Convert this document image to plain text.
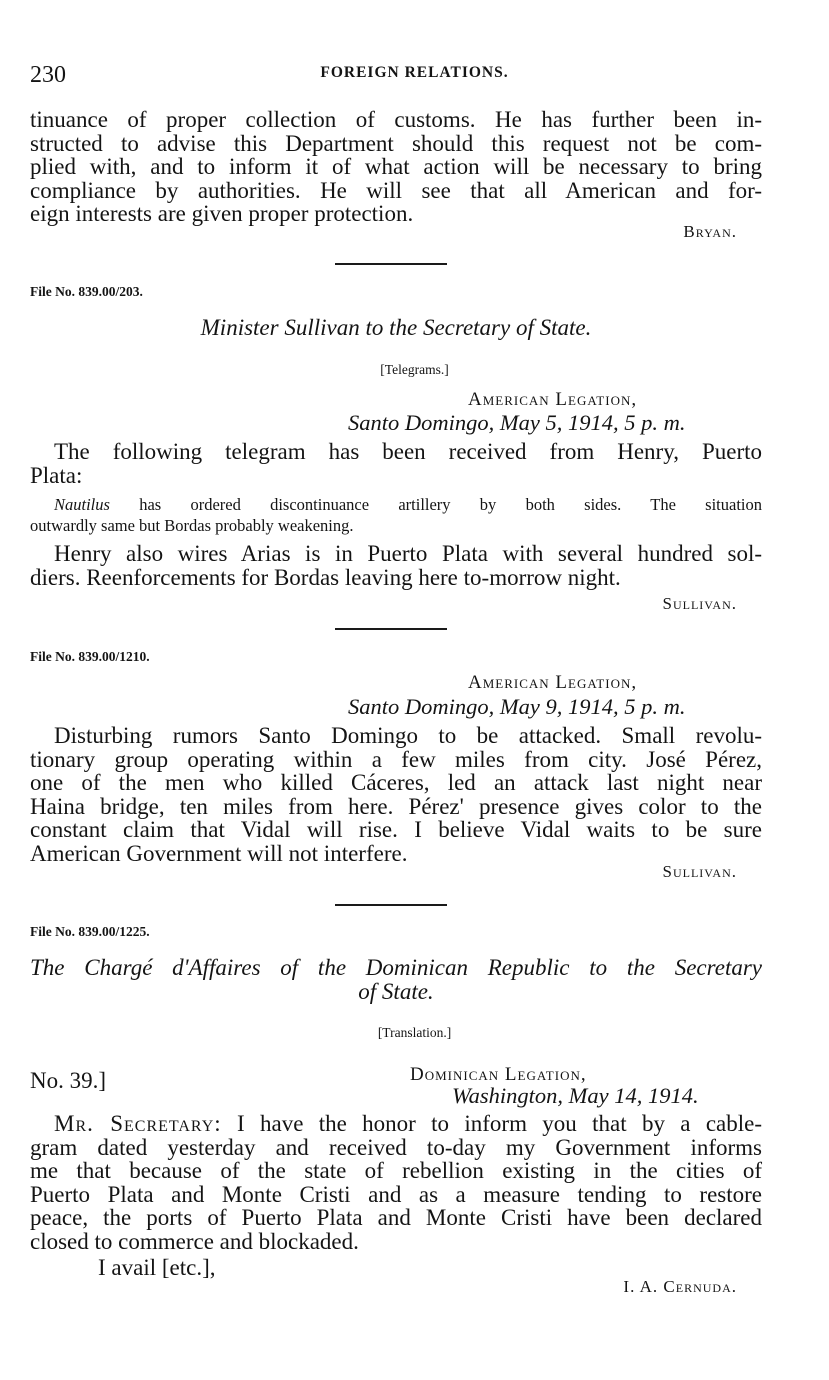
230	FOREIGN RELATIONS.
tinuance of proper collection of customs. He has further been in-
structed to advise this Department should this request not be com-
plied with, and to inform it of what action will be necessary to bring
compliance by authorities. He will see that all American and for-
eign interests are given proper protection.
Bryan.
File No. 839.00/203.
Minister Sullivan to the Secretary of State.
[Telegrams.]
American Legation,
Santo Domingo, May 5, 1914, 5 p. m.
The following telegram has been received from Henry, Puerto
Plata:
Nautilus has ordered discontinuance artillery by both sides. The situation
outwardly same but Bordas probably weakening.
Henry also wires Arias is in Puerto Plata with several hundred sol-
diers. Reenforcements for Bordas leaving here to-morrow night.
Sullivan.
File No. 839.00/1210.
American Legation,
Santo Domingo, May 9, 1914, 5 p. m.
Disturbing rumors Santo Domingo to be attacked. Small revolu-
tionary group operating within a few miles from city. José Pérez,
one of the men who killed Cáceres, led an attack last night near
Haina bridge, ten miles from here. Pérez' presence gives color to the
constant claim that Vidal will rise. I believe Vidal waits to be sure
American Government will not interfere.
Sullivan.
File No. 839.00/1225.
The Chargé d'Affaires of the Dominican Republic to the Secretary
of State.
[Translation.]
No. 39.]	Dominican Legation,
Washington, May 14, 1914.
Mr. Secretary: I have the honor to inform you that by a cable-
gram dated yesterday and received to-day my Government informs
me that because of the state of rebellion existing in the cities of
Puerto Plata and Monte Cristi and as a measure tending to restore
peace, the ports of Puerto Plata and Monte Cristi have been declared
closed to commerce and blockaded.
I avail [etc.],
I. A. Cernuda.
